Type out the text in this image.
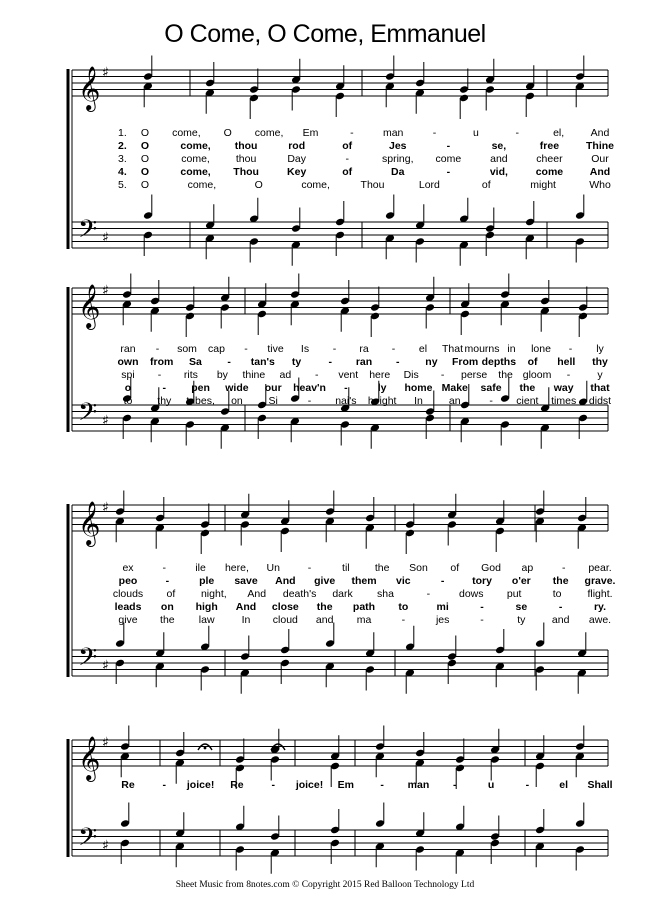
O Come, O Come, Emmanuel
𝄞
𝄢
♯
♯
𝄞
𝄢
♯
♯
𝄞
𝄢
♯
♯
𝄞
𝄢
♯
♯
1. O come, O come, Em	-	man	-	u	-	el,	And
2. O	come, thou	rod	of	Jes	-	se,	free	Thine
3. O	come, thou	Day	-	spring, come	and	cheer	Our
4. O	come, Thou	Key	of	Da	-	vid,	come	And
5. O	come,	O	come,	Thou	Lord	of	might	Who
ran - som cap - tive Is - ra - el That mourns in lone - ly
own from Sa - tan's ty	- ran - ny From depths of hell thy
spi - rits by thine ad - vent here Dis - perse the gloom -	y
o	- pen wide our heav'n -	ly home Make safe the way that
to thy tribes, on Si	- nai's height In an	- cient times didst
ex	-	ile here, Un	-	til the Son of God ap	- pear.
peo	-	ple save And give them vic	-	tory o'er the grave.
clouds of night, And death's dark sha	-	dows put	to flight.
leads on high And close the path to	mi	-	se	-	ry.
give the law	In cloud and ma	-	jes	-	ty	and awe.
Re	- joice! Re	- joice! Em	- man -	u	-	el Shall
Sheet Music from 8notes.com © Copyright 2015 Red Balloon Technology Ltd
